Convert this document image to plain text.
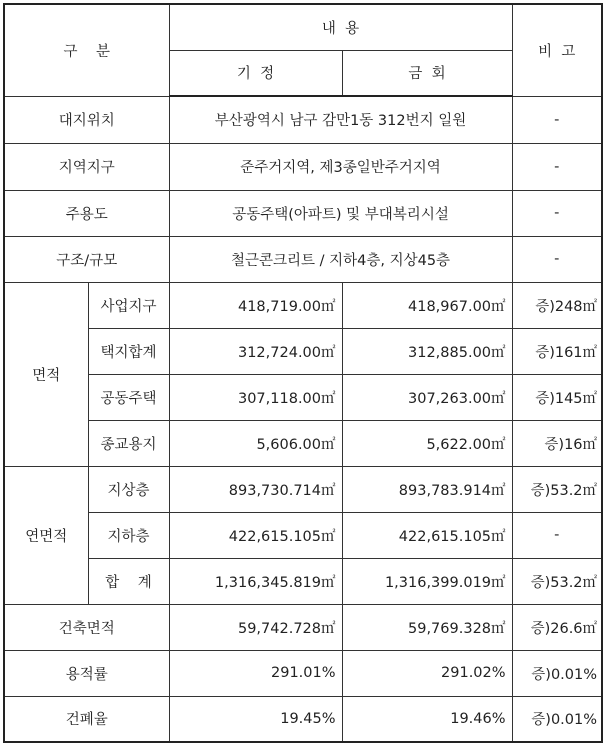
구    분		내  용		비  고
		기  정	금  회	
대지위치		부산광역시 남구 감만1동 312번지 일원		-
지역지구		준주거지역, 제3종일반주거지역		-
주용도		공동주택(아파트) 및 부대복리시설		-
구조/규모		철근콘크리트 / 지하4층, 지상45층		-
면적	사업지구	418,719.00㎡	418,967.00㎡	증)248㎡
	택지합계	312,724.00㎡	312,885.00㎡	증)161㎡
	공동주택	307,118.00㎡	307,263.00㎡	증)145㎡
	종교용지	5,606.00㎡	5,622.00㎡	증)16㎡
연면적	지상층	893,730.714㎡	893,783.914㎡	증)53.2㎡
	지하층	422,615.105㎡	422,615.105㎡	-
	합    계	1,316,345.819㎡	1,316,399.019㎡	증)53.2㎡
건축면적		59,742.728㎡	59,769.328㎡	증)26.6㎡
용적률		291.01%	291.02%	증)0.01%
건폐율		19.45%	19.46%	증)0.01%
